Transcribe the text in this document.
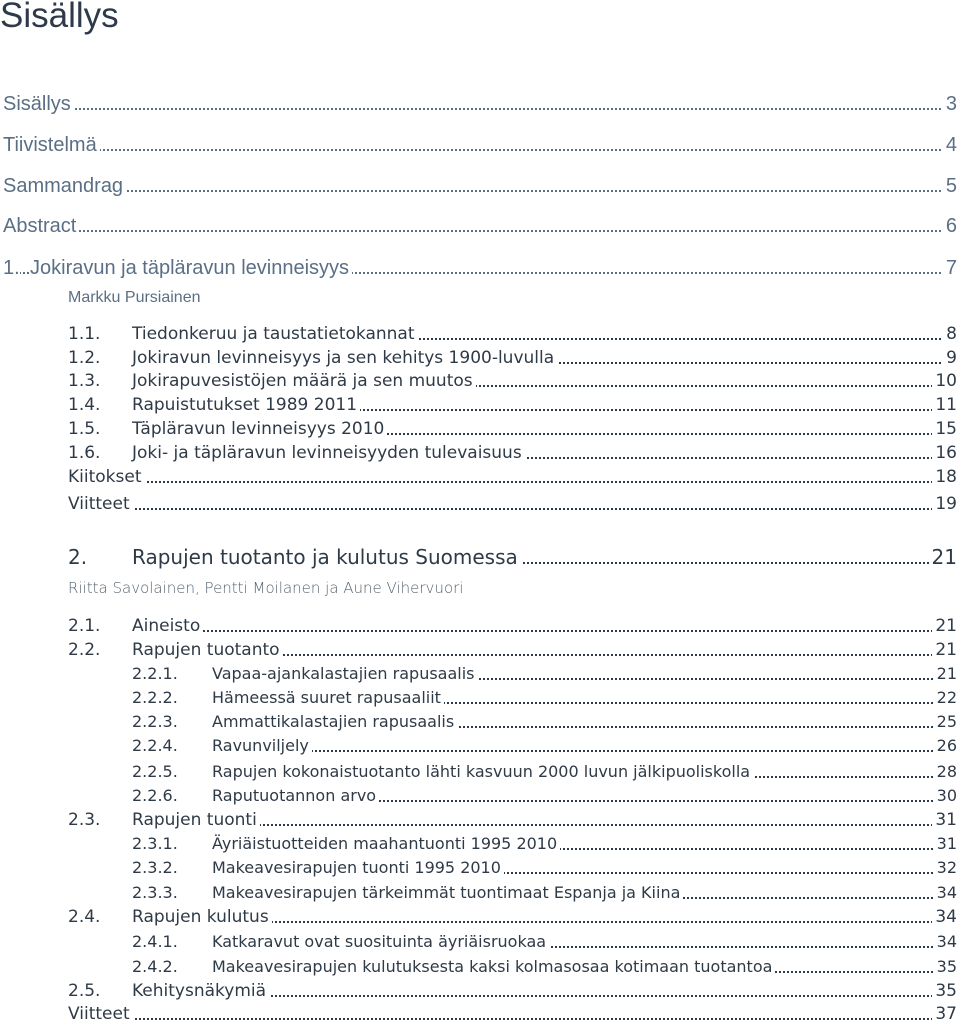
Sisällys
Sisällys	3
Tiivistelmä	4
Sammandrag	5
Abstract	6
1. Jokiravun ja täpläravun levinneisyys	7
Markku Pursiainen
1.1. Tiedonkeruu ja taustatietokannat	8
1.2. Jokiravun levinneisyys ja sen kehitys 1900-luvulla	9
1.3. Jokirapuvesistöjen määrä ja sen muutos	10
1.4. Rapuistutukset 1989 2011	11
1.5. Täpläravun levinneisyys 2010	15
1.6. Joki- ja täpläravun levinneisyyden tulevaisuus	16
Kiitokset	18
Viitteet	19
2. Rapujen tuotanto ja kulutus Suomessa	21
Riitta Savolainen, Pentti Moilanen ja Aune Vihervuori
2.1. Aineisto	21
2.2. Rapujen tuotanto	21
2.2.1. Vapaa-ajankalastajien rapusaalis	21
2.2.2. Hämeessä suuret rapusaaliit	22
2.2.3. Ammattikalastajien rapusaalis	25
2.2.4. Ravunviljely	26
2.2.5. Rapujen kokonaistuotanto lähti kasvuun 2000 luvun jälkipuoliskolla	28
2.2.6. Raputuotannon arvo	30
2.3. Rapujen tuonti	31
2.3.1. Äyriäistuotteiden maahantuonti 1995 2010	31
2.3.2. Makeavesirapujen tuonti 1995 2010	32
2.3.3. Makeavesirapujen tärkeimmät tuontimaat Espanja ja Kiina	34
2.4. Rapujen kulutus	34
2.4.1. Katkaravut ovat suosituinta äyriäisruokaa	34
2.4.2. Makeavesirapujen kulutuksesta kaksi kolmasosaa kotimaan tuotantoa	35
2.5. Kehitysnäkymiä	35
Viitteet	37
